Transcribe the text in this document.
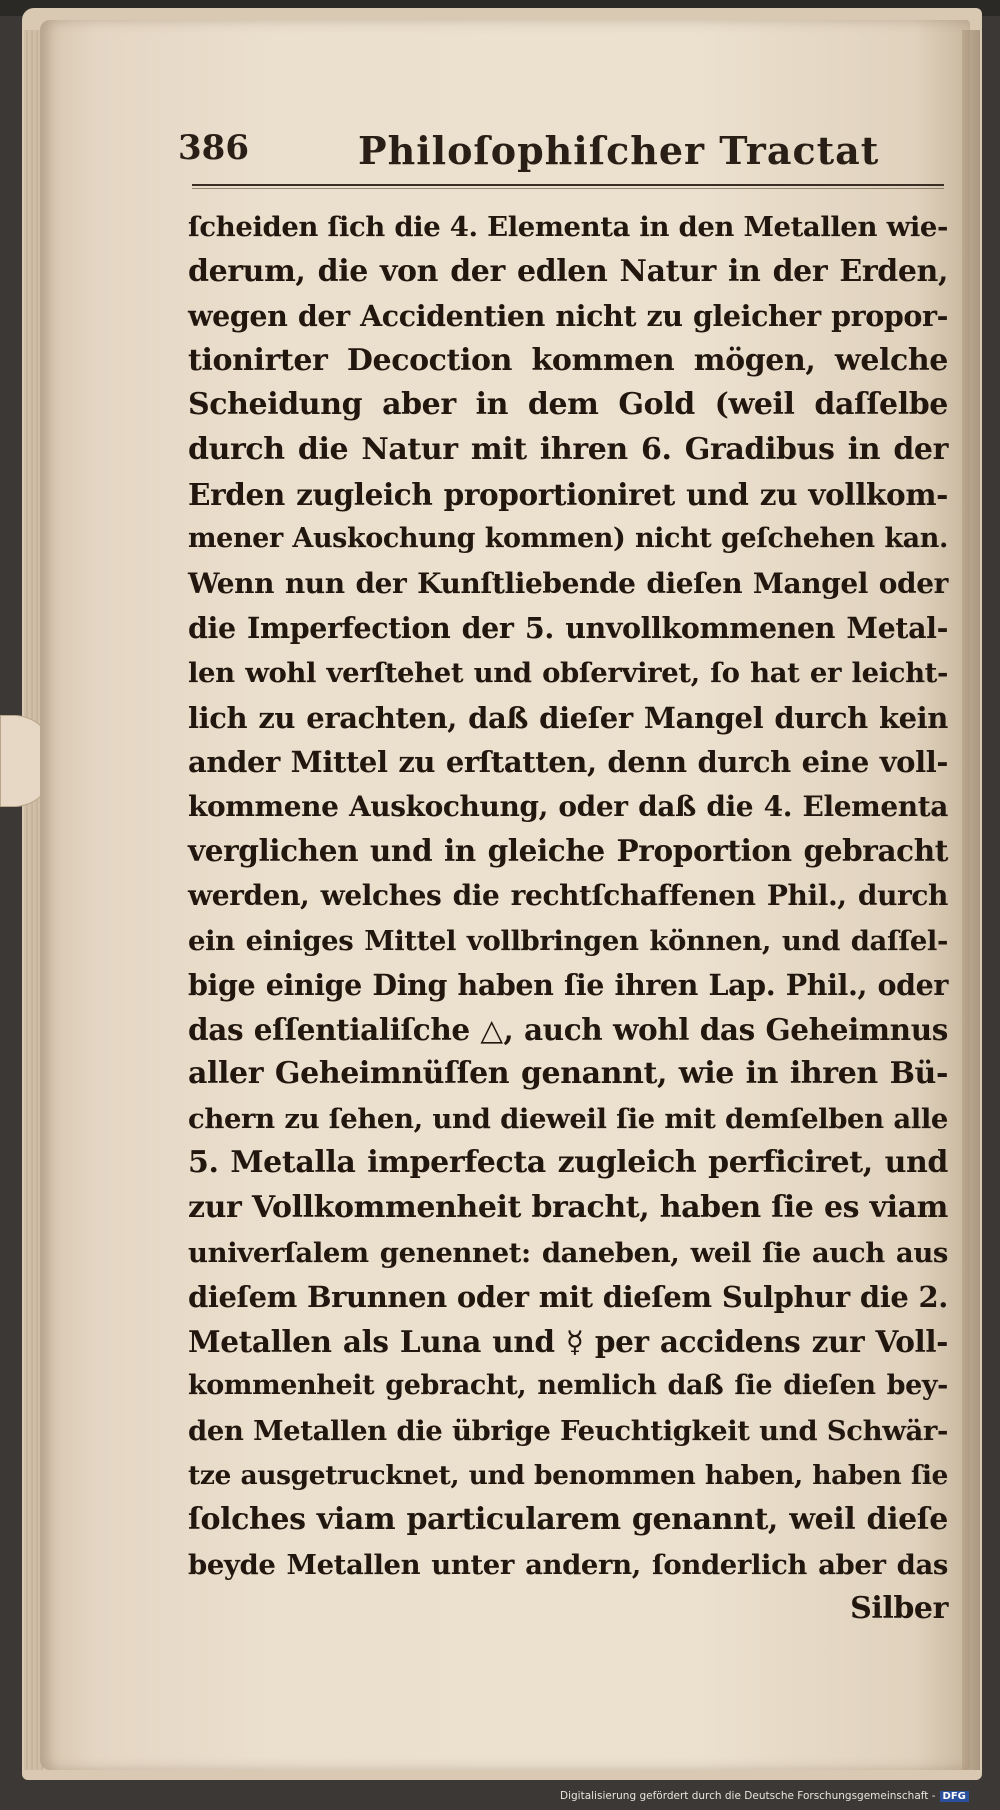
386	Philoſophiſcher Tractat
ſcheiden ſich die 4. Elementa in den Metallen wie-
derum, die von der edlen Natur in der Erden,
wegen der Accidentien nicht zu gleicher propor-
tionirter Decoction kommen mögen, welche
Scheidung aber in dem Gold (weil daſſelbe
durch die Natur mit ihren 6. Gradibus in der
Erden zugleich proportioniret und zu vollkom-
mener Auskochung kommen) nicht geſchehen kan.
Wenn nun der Kunſtliebende dieſen Mangel oder
die Imperfection der 5. unvollkommenen Metal-
len wohl verſtehet und obſerviret, ſo hat er leicht-
lich zu erachten, daß dieſer Mangel durch kein
ander Mittel zu erſtatten, denn durch eine voll-
kommene Auskochung, oder daß die 4. Elementa
verglichen und in gleiche Proportion gebracht
werden, welches die rechtſchaffenen Phil., durch
ein einiges Mittel vollbringen können, und daſſel-
bige einige Ding haben ſie ihren Lap. Phil., oder
das eſſentialiſche △, auch wohl das Geheimnus
aller Geheimnüſſen genannt, wie in ihren Bü-
chern zu ſehen, und dieweil ſie mit demſelben alle
5. Metalla imperfecta zugleich perficiret, und
zur Vollkommenheit bracht, haben ſie es viam
univerſalem genennet: daneben, weil ſie auch aus
dieſem Brunnen oder mit dieſem Sulphur die 2.
Metallen als Luna und ☿ per accidens zur Voll-
kommenheit gebracht, nemlich daß ſie dieſen bey-
den Metallen die übrige Feuchtigkeit und Schwär-
tze ausgetrucknet, und benommen haben, haben ſie
ſolches viam particularem genannt, weil dieſe
beyde Metallen unter andern, ſonderlich aber das
Silber
Digitalisierung gefördert durch die Deutsche Forschungsgemeinschaft - DFG
